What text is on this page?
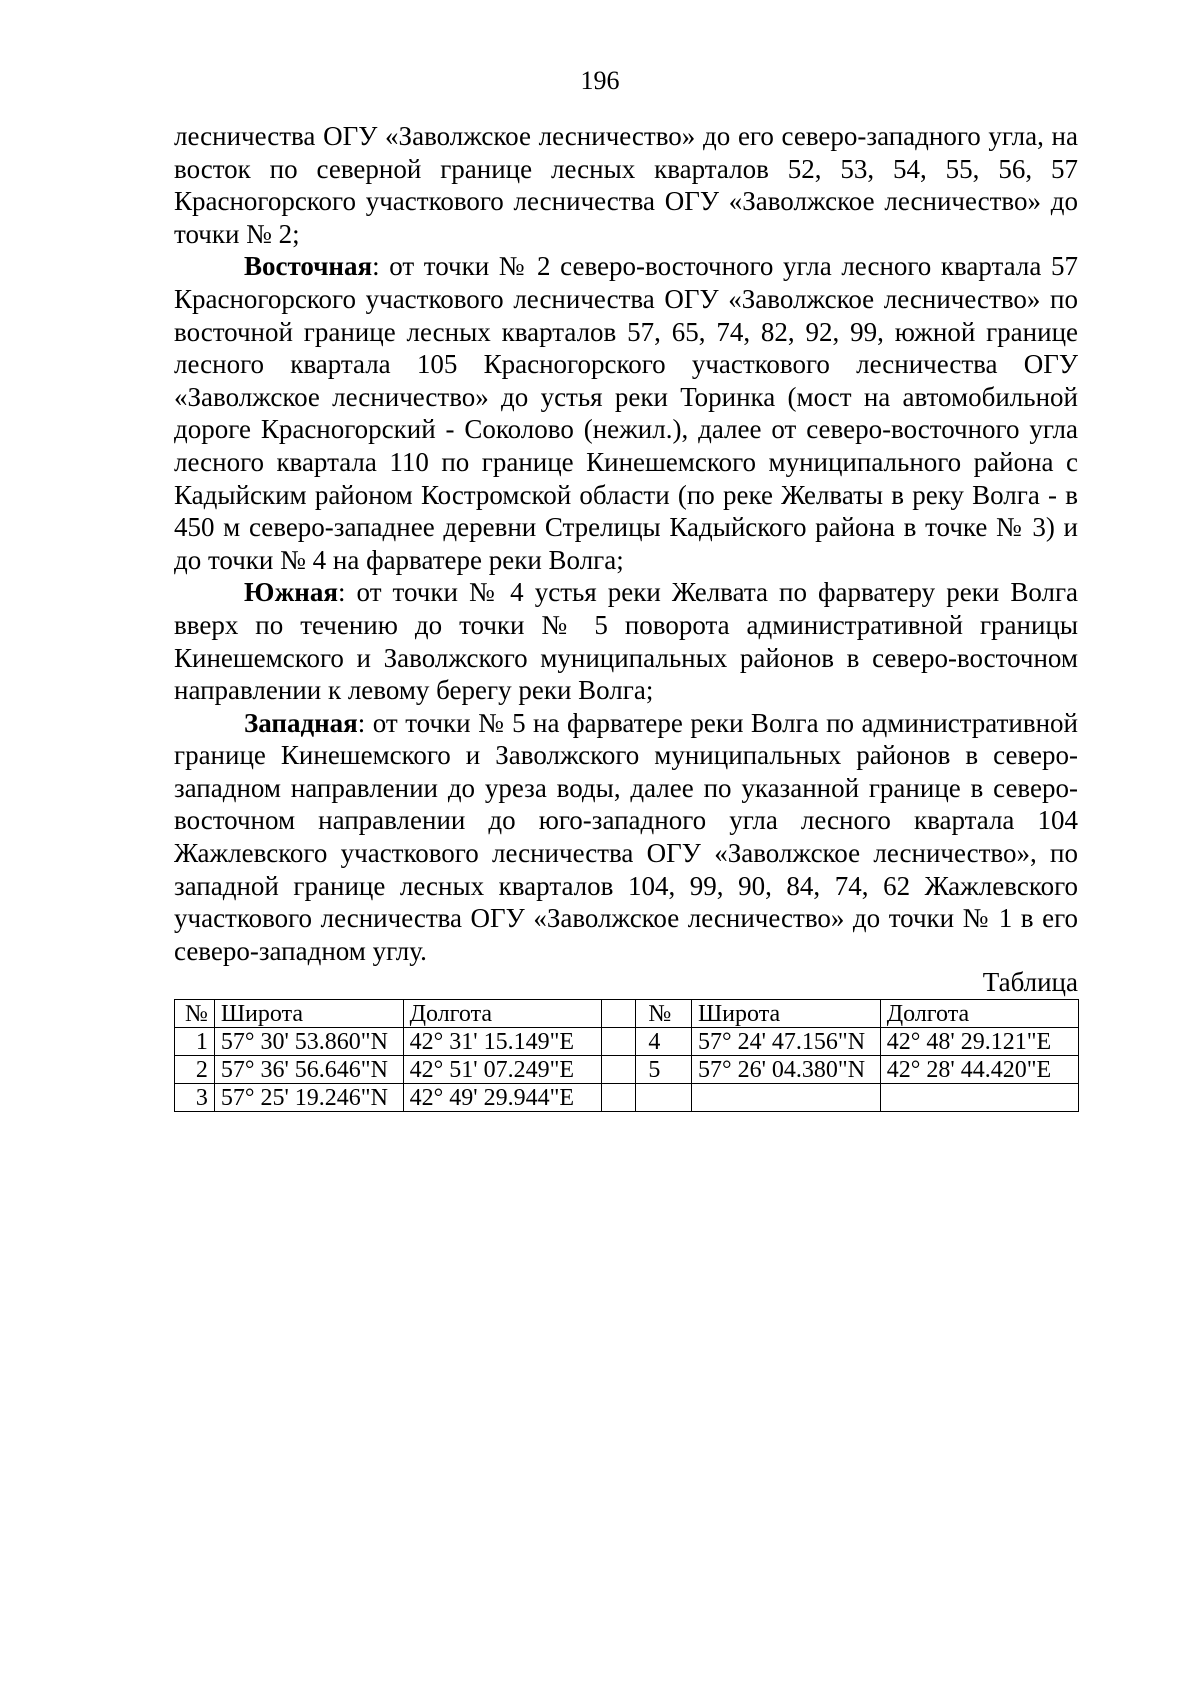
196

лесничества ОГУ «Заволжское лесничество» до его северо-западного угла, на восток по северной границе лесных кварталов 52, 53, 54, 55, 56, 57 Красногорского участкового лесничества ОГУ «Заволжское лесничество» до точки № 2;

Восточная: от точки № 2 северо-восточного угла лесного квартала 57 Красногорского участкового лесничества ОГУ «Заволжское лесничество» по восточной границе лесных кварталов 57, 65, 74, 82, 92, 99, южной границе лесного квартала 105 Красногорского участкового лесничества ОГУ «Заволжское лесничество» до устья реки Торинка (мост на автомобильной дороге Красногорский - Соколово (нежил.), далее от северо-восточного угла лесного квартала 110 по границе Кинешемского муниципального района с Кадыйским районом Костромской области (по реке Желваты в реку Волга - в 450 м северо-западнее деревни Стрелицы Кадыйского района в точке № 3) и до точки № 4 на фарватере реки Волга;

Южная: от точки № 4 устья реки Желвата по фарватеру реки Волга вверх по течению до точки № 5 поворота административной границы Кинешемского и Заволжского муниципальных районов в северо-восточном направлении к левому берегу реки Волга;

Западная: от точки № 5 на фарватере реки Волга по административной границе Кинешемского и Заволжского муниципальных районов в северо-западном направлении до уреза воды, далее по указанной границе в северо-восточном направлении до юго-западного угла лесного квартала 104 Жажлевского участкового лесничества ОГУ «Заволжское лесничество», по западной границе лесных кварталов 104, 99, 90, 84, 74, 62 Жажлевского участкового лесничества ОГУ «Заволжское лесничество» до точки № 1 в его северо-западном углу.

Таблица
№	Широта	Долгота		№	Широта	Долгота
1	57° 30' 53.860"N	42° 31' 15.149"E		4	57° 24' 47.156"N	42° 48' 29.121"E
2	57° 36' 56.646"N	42° 51' 07.249"E		5	57° 26' 04.380"N	42° 28' 44.420"E
3	57° 25' 19.246"N	42° 49' 29.944"E				
